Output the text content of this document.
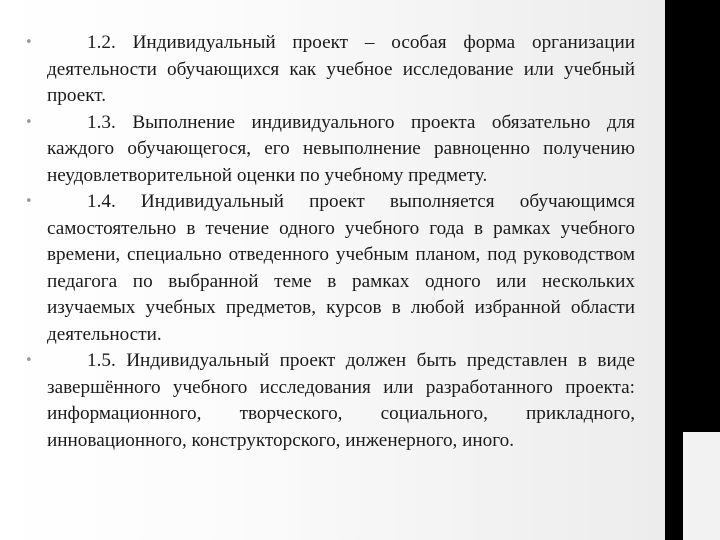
•	1.2. Индивидуальный проект – особая форма организации деятельности обучающихся как учебное исследование или учебный проект.

•	1.3. Выполнение индивидуального проекта обязательно для каждого обучающегося, его невыполнение равноценно получению неудовлетворительной оценки по учебному предмету.

•	1.4. Индивидуальный проект выполняется обучающимся самостоятельно в течение одного учебного года в рамках учебного времени, специально отведенного учебным планом, под руководством педагога по выбранной теме в рамках одного или нескольких изучаемых учебных предметов, курсов в любой избранной области деятельности.

•	1.5. Индивидуальный проект должен быть представлен в виде завершённого учебного исследования или разработанного проекта: информационного, творческого, социального, прикладного, инновационного, конструкторского, инженерного, иного.
